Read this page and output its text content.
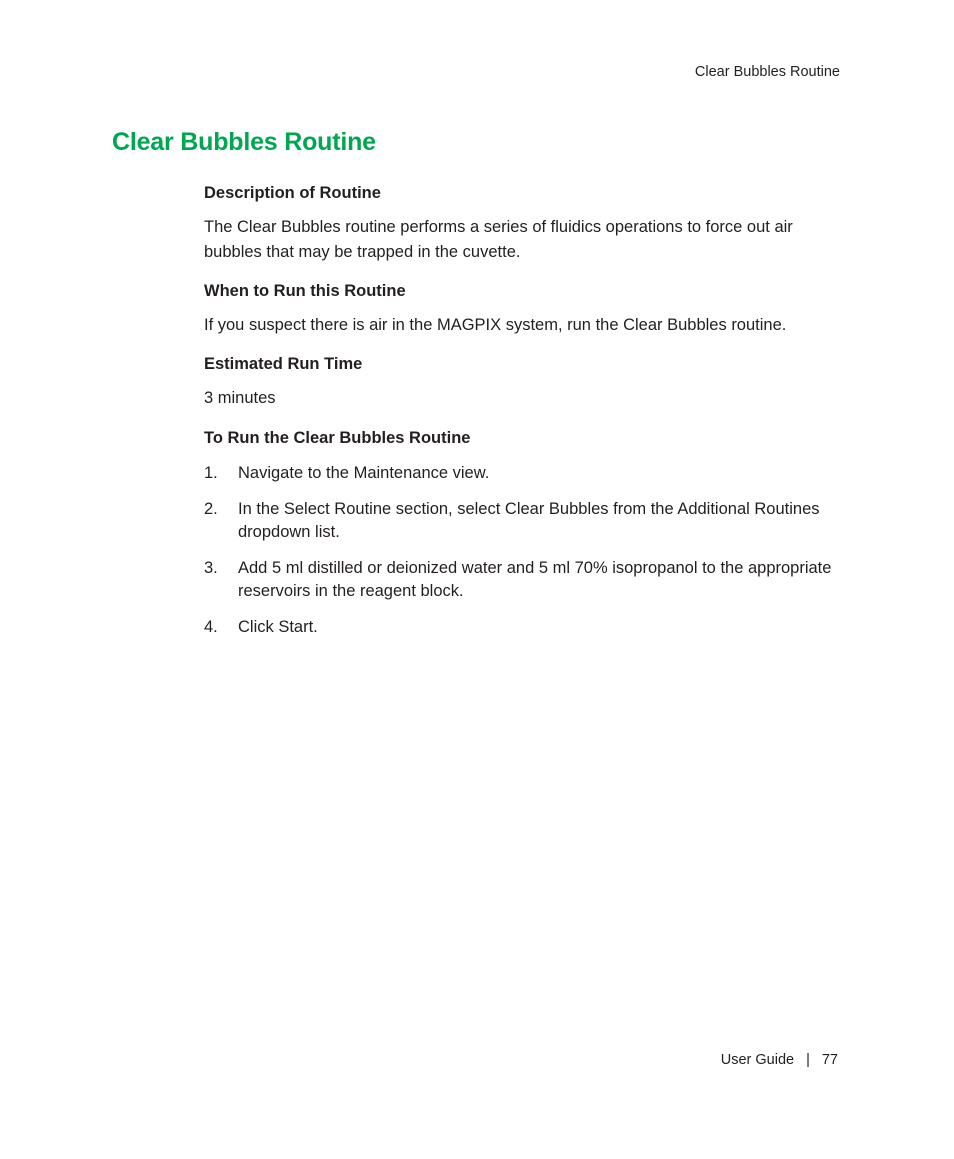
Clear Bubbles Routine
Clear Bubbles Routine
Description of Routine

The Clear Bubbles routine performs a series of fluidics operations to force out air bubbles that may be trapped in the cuvette.

When to Run this Routine

If you suspect there is air in the MAGPIX system, run the Clear Bubbles routine.

Estimated Run Time

3 minutes

To Run the Clear Bubbles Routine
1. Navigate to the Maintenance view.
2. In the Select Routine section, select Clear Bubbles from the Additional Routines dropdown list.
3. Add 5 ml distilled or deionized water and 5 ml 70% isopropanol to the appropriate reservoirs in the reagent block.
4. Click Start.
User Guide | 77
